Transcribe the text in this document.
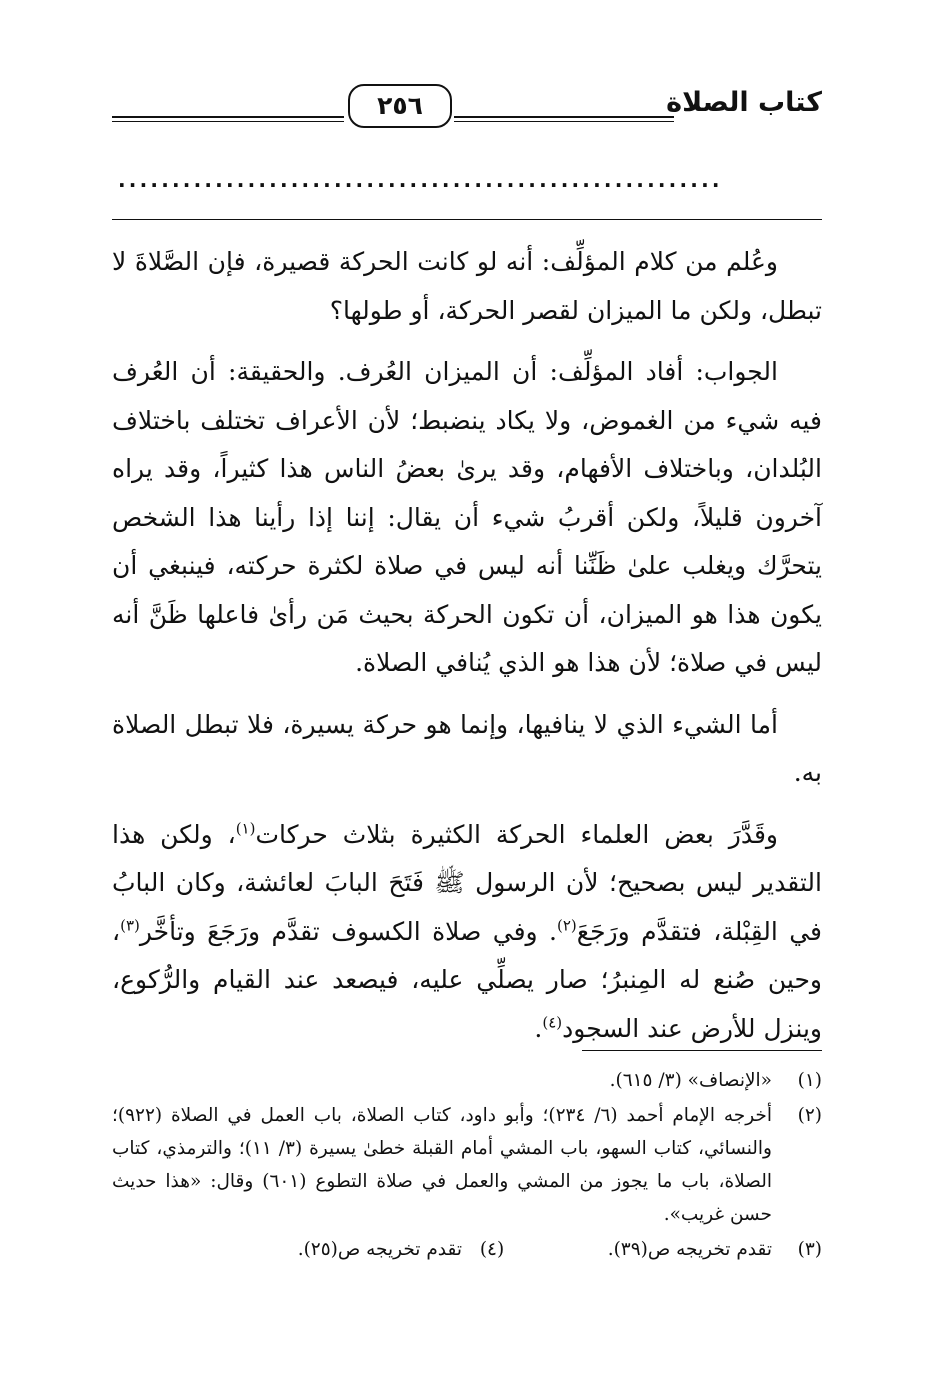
كتاب الصلاة
٢٥٦
........................................................

وعُلم من كلام المؤلِّف: أنه لو كانت الحركة قصيرة، فإن الصَّلاةَ لا تبطل، ولكن ما الميزان لقصر الحركة، أو طولها؟

الجواب: أفاد المؤلِّف: أن الميزان العُرف. والحقيقة: أن العُرف فيه شيء من الغموض، ولا يكاد ينضبط؛ لأن الأعراف تختلف باختلاف البُلدان، وباختلاف الأفهام، وقد يرىٰ بعضُ الناس هذا كثيراً، وقد يراه آخرون قليلاً، ولكن أقربُ شيء أن يقال: إننا إذا رأينا هذا الشخص يتحرَّك ويغلب علىٰ ظَنِّنا أنه ليس في صلاة لكثرة حركته، فينبغي أن يكون هذا هو الميزان، أن تكون الحركة بحيث مَن رأىٰ فاعلها ظَنَّ أنه ليس في صلاة؛ لأن هذا هو الذي يُنافي الصلاة.

أما الشيء الذي لا ينافيها، وإنما هو حركة يسيرة، فلا تبطل الصلاة به.

وقَدَّرَ بعض العلماء الحركة الكثيرة بثلاث حركات$^{(١)}$، ولكن هذا التقدير ليس بصحيح؛ لأن الرسول ﷺ فَتَحَ البابَ لعائشة، وكان البابُ في القِبْلة، فتقدَّم ورَجَعَ$^{(٢)}$. وفي صلاة الكسوف تقدَّم ورَجَعَ وتأخَّر$^{(٣)}$، وحين صُنع له المِنبرُ؛ صار يصلِّي عليه، فيصعد عند القيام والرُّكوع، وينزل للأرض عند السجود$^{(٤)}$.

(١)
«الإنصاف» (٣/ ٦١٥).
(٢)
أخرجه الإمام أحمد (٦/ ٢٣٤)؛ وأبو داود، كتاب الصلاة، باب العمل في الصلاة (٩٢٢)؛ والنسائي، كتاب السهو، باب المشي أمام القبلة خطىٰ يسيرة (٣/ ١١)؛ والترمذي، كتاب الصلاة، باب ما يجوز من المشي والعمل في صلاة التطوع (٦٠١) وقال: «هذا حديث حسن غريب».
(٣)
تقدم تخريجه ص(٣٩).
(٤)
تقدم تخريجه ص(٢٥).
